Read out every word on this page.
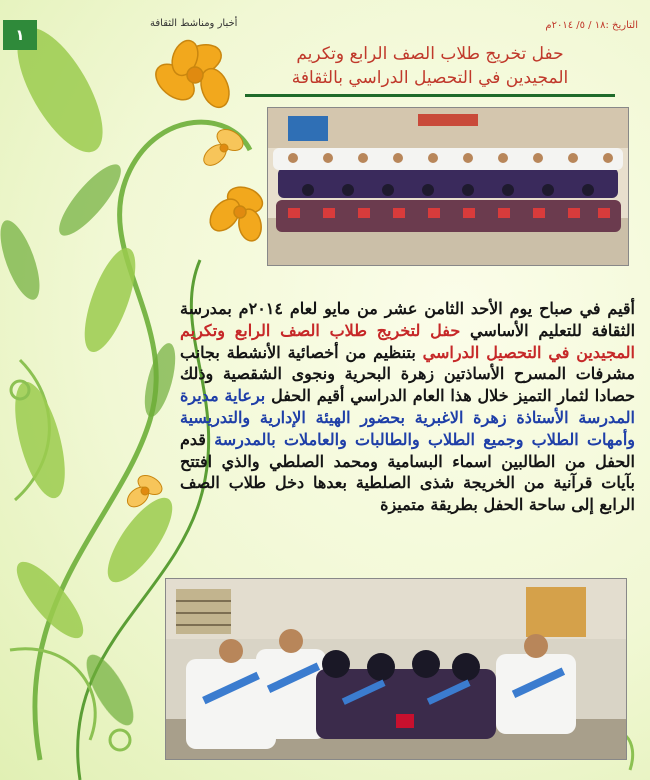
١
أخبار ومناشط الثقافة	التاريخ :١٨ / ٥/ ٢٠١٤م
حفل تخريج طلاب الصف الرابع وتكريم
المجيدين في التحصيل الدراسي بالثقافة
أقيم في صباح يوم الأحد الثامن عشر من مايو لعام ٢٠١٤م بمدرسة الثقافة للتعليم الأساسي حفل لتخريج طلاب الصف الرابع وتكريم المجيدين في التحصيل الدراسي بتنظيم من أخصائية الأنشطة بجانب مشرفات المسرح الأساذتين زهرة البحرية ونجوى الشقصية وذلك حصادا لثمار التميز خلال هذا العام الدراسي أقيم الحفل برعاية مديرة المدرسة الأستاذة زهرة الاغبرية بحضور الهيئة الإدارية والتدريسية وأمهات الطلاب وجميع الطلاب والطالبات والعاملات بالمدرسة قدم الحفل من الطالبين اسماء البسامية ومحمد الصلطي والذي افتتح بآيات قرآنية من الخريجة شذى الصلطية بعدها دخل طلاب الصف الرابع إلى ساحة الحفل بطريقة متميزة
